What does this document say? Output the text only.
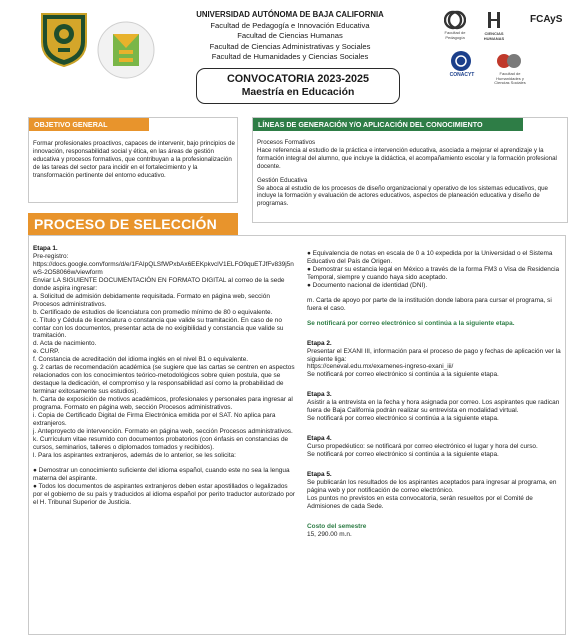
UNIVERSIDAD AUTÓNOMA DE BAJA CALIFORNIA
Facultad de Pedagogía e Innovación Educativa
Facultad de Ciencias Humanas
Facultad de Ciencias Administrativas y Sociales
Facultad de Humanidades y Ciencias Sociales
Facultad de Pedagogía
CIENCIAS HUMANAS
FCAyS
CONACYT	Facultad de Humanidades y Ciencias Sociales
CONVOCATORIA 2023-2025
Maestría en Educación
OBJETIVO GENERAL
Formar profesionales proactivos, capaces de intervenir, bajo principios de innovación, responsabilidad social y ética, en las áreas de gestión educativa y procesos formativos, que contribuyan a la profesionalización de las tareas del sector para incidir en el fortalecimiento y la transformación pertinente del entorno educativo.
LÍNEAS DE GENERACIÓN Y/O APLICACIÓN DEL CONOCIMIENTO
Procesos Formativos
Hace referencia al estudio de la práctica e intervención educativa, asociada a mejorar el aprendizaje y la formación integral del alumno, que incluye la didáctica, el acompañamiento escolar y la formación profesional docente.
Gestión Educativa
Se aboca al estudio de los procesos de diseño organizacional y operativo de los sistemas educativos, que incluye la formación y evaluación de actores educativos, aspectos de planeación educativa y diseño de programas.
PROCESO DE SELECCIÓN
Etapa 1.
Pre-registro:
https://docs.google.com/forms/d/e/1FAIpQLSfWPxbAx6EEKpkvclV1ELFO9quETJfFv839j5nwS-2O58066w/viewform
Enviar LA SIGUIENTE DOCUMENTACIÓN EN FORMATO DIGITAL al correo de la sede donde aspira ingresar:
a. Solicitud de admisión debidamente requisitada. Formato en página web, sección Procesos administrativos.
b. Certificado de estudios de licenciatura con promedio mínimo de 80 o equivalente.
c. Título y Cédula de licenciatura o constancia que valide su tramitación. En caso de no contar con los documentos, presentar acta de no exigibilidad y constancia que valide su tramitación.
d. Acta de nacimiento.
e. CURP.
f. Constancia de acreditación del idioma inglés en el nivel B1 o equivalente.
g. 2 cartas de recomendación académica (se sugiere que las cartas se centren en aspectos relacionados con los conocimientos teórico-metodológicos sobre quien postula, que se destaque la dedicación, el compromiso y la responsabilidad así como la probabilidad de terminar exitosamente sus estudios).
h. Carta de exposición de motivos académicos, profesionales y personales para ingresar al programa. Formato en página web, sección Procesos administrativos.
i. Copia de Certificado Digital de Firma Electrónica emitida por el SAT. No aplica para extranjeros.
j. Anteproyecto de intervención. Formato en página web, sección Procesos administrativos.
k. Currículum vitae resumido con documentos probatorios (con énfasis en constancias de cursos, seminarios, talleres o diplomados tomados y recibidos).
l. Para los aspirantes extranjeros, además de lo anterior, se les solicita:
● Demostrar un conocimiento suficiente del idioma español, cuando este no sea la lengua materna del aspirante.
● Todos los documentos de aspirantes extranjeros deben estar apostillados o legalizados por el gobierno de su país y traducidos al idioma español por perito traductor autorizado por el H. Tribunal Superior de Justicia.
● Equivalencia de notas en escala de 0 a 10 expedida por la Universidad o el Sistema Educativo del País de Origen.
● Demostrar su estancia legal en México a través de la forma FM3 o Visa de Residencia Temporal, siempre y cuando haya sido aceptado.
● Documento nacional de identidad (DNI).
m. Carta de apoyo por parte de la institución donde labora para cursar el programa, si fuera el caso.
Se notificará por correo electrónico si continúa a la siguiente etapa.
Etapa 2.
Presentar el EXANI III, información para el proceso de pago y fechas de aplicación ver la siguiente liga:
https://ceneval.edu.mx/examenes-ingreso-exani_iii/
Se notificará por correo electrónico si continúa a la siguiente etapa.
Etapa 3.
Asistir a la entrevista en la fecha y hora asignada por correo. Los aspirantes que radican fuera de Baja California podrán realizar su entrevista en modalidad virtual.
Se notificará por correo electrónico si continúa a la siguiente etapa.
Etapa 4.
Curso propedéutico: se notificará por correo electrónico el lugar y hora del curso.
Se notificará por correo electrónico si continúa a la siguiente etapa.
Etapa 5.
Se publicarán los resultados de los aspirantes aceptados para ingresar al programa, en página web y por notificación de correo electrónico.
Los puntos no previstos en esta convocatoria, serán resueltos por el Comité de Admisiones de cada Sede.
Costo del semestre
15, 290.00 m.n.
